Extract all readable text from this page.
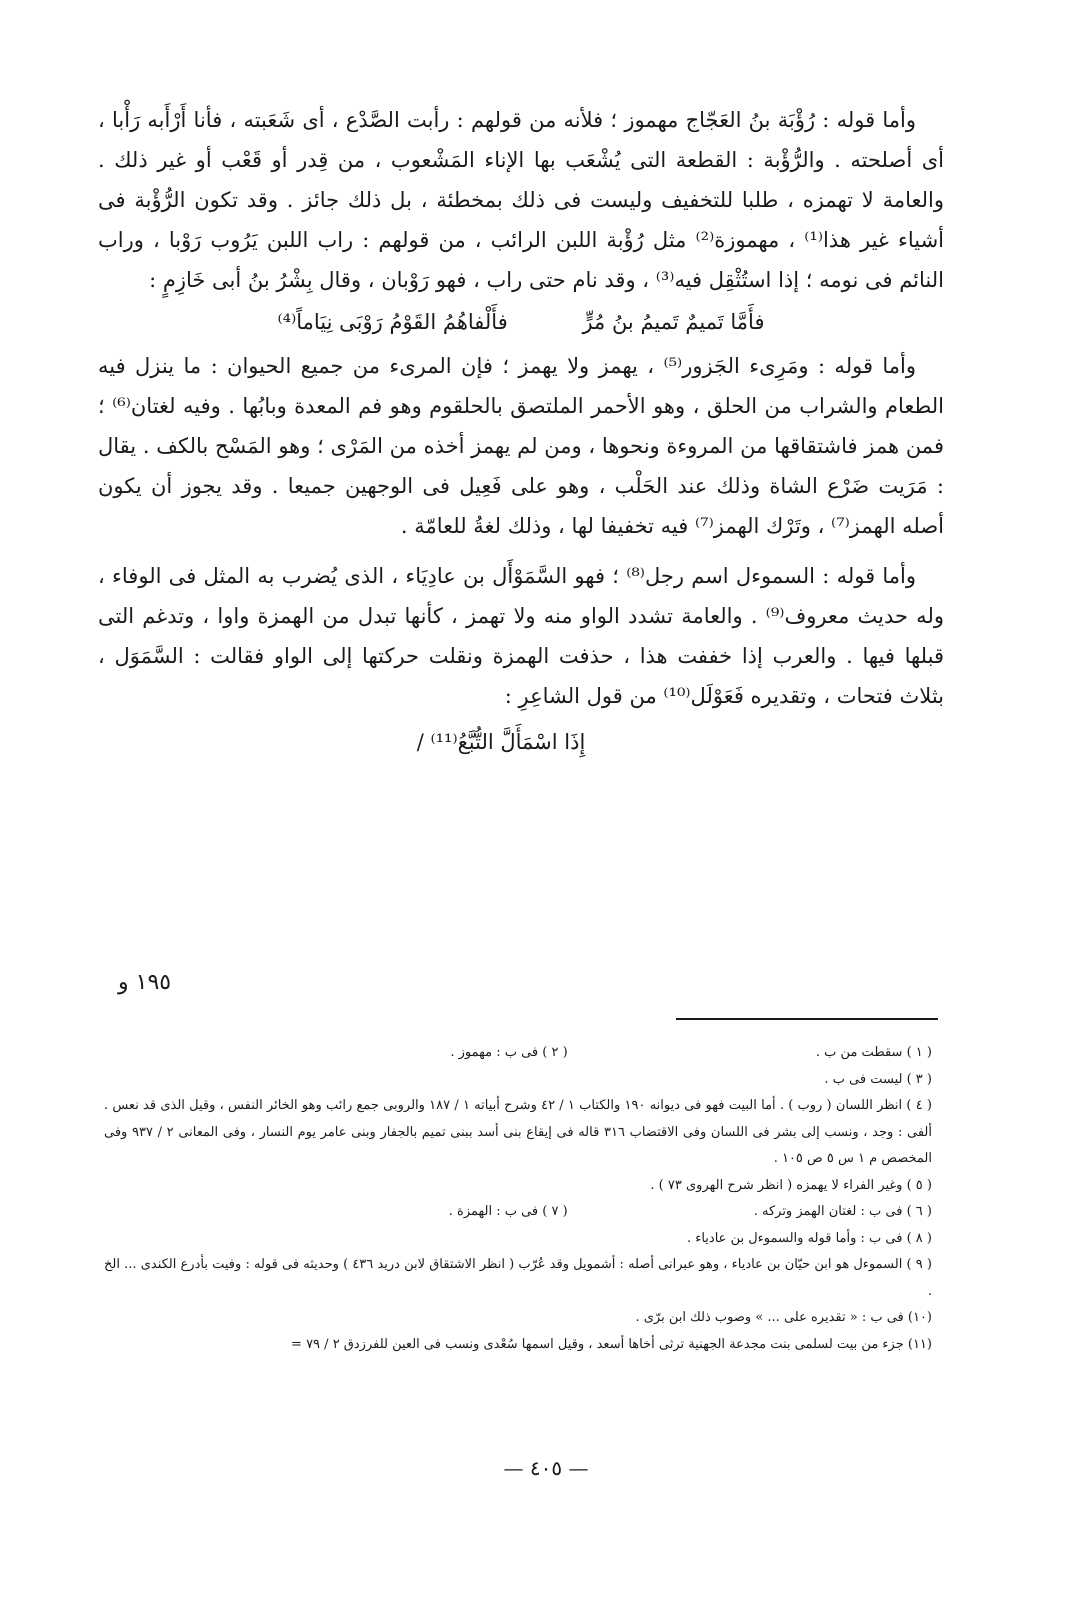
وأما قوله : رُؤْبَة بنُ العَجّاج مهموز ؛ فلأنه من قولهم : رأبت الصَّدْع ، أى شَعَبته ، فأنا أَرْأَبه رَأْبا ، أى أصلحته . والرُّؤْبة : القطعة التى يُشْعَب بها الإناء المَشْعوب ، من قِدر أو قَعْب أو غير ذلك . والعامة لا تهمزه ، طلبا للتخفيف وليست فى ذلك بمخطئة ، بل ذلك جائز . وقد تكون الرُّؤْبة فى أشياء غير هذا⁽¹⁾ ، مهموزة⁽²⁾ مثل رُؤْبة اللبن الرائب ، من قولهم : راب اللبن يَرُوب رَوْبا ، وراب النائم فى نومه ؛ إذا استُثْقِل فيه⁽³⁾ ، وقد نام حتى راب ، فهو رَوْبان ، وقال بِشْرُ بنُ أبى خَازِمٍ :

فأَمَّا تَميمٌ تَميمُ بنُ مُرٍّ فأَلْفاهُمُ القَوْمُ رَوْبَى نِيَاماً⁽⁴⁾

وأما قوله : ومَرِىء الجَزور⁽⁵⁾ ، يهمز ولا يهمز ؛ فإن المرىء من جميع الحيوان : ما ينزل فيه الطعام والشراب من الحلق ، وهو الأحمر الملتصق بالحلقوم وهو فم المعدة وبابُها . وفيه لغتان⁽⁶⁾ ؛ فمن همز فاشتقاقها من المروءة ونحوها ، ومن لم يهمز أخذه من المَرْى ؛ وهو المَسْح بالكف . يقال : مَرَيت ضَرْع الشاة وذلك عند الحَلْب ، وهو على فَعِيل فى الوجهين جميعا . وقد يجوز أن يكون أصله الهمز⁽⁷⁾ ، وتَرْك الهمز⁽⁷⁾ فيه تخفيفا لها ، وذلك لغةُ للعامّة .

وأما قوله : السموءل اسم رجل⁽⁸⁾ ؛ فهو السَّمَوْأَل بن عادِيَاء ، الذى يُضرب به المثل فى الوفاء ، وله حديث معروف⁽⁹⁾ . والعامة تشدد الواو منه ولا تهمز ، كأنها تبدل من الهمزة واوا ، وتدغم التى قبلها فيها . والعرب إذا خففت هذا ، حذفت الهمزة ونقلت حركتها إلى الواو فقالت : السَّمَوَل ، بثلاث فتحات ، وتقديره فَعَوْلَل⁽¹⁰⁾ من قول الشاعِرِ :

إِذَا اسْمَأَلَّ التُّبَّعُ⁽¹¹⁾ /
١٩٥ و
( ١ ) سقطت من ب .
( ٢ ) فى ب : مهموز .
( ٣ ) ليست فى ب .
( ٤ ) انظر اللسان ( روب ) . أما البيت فهو فى ديوانه ١٩٠ والكتاب ١ / ٤٢ وشرح أبياته ١ / ١٨٧ والروبى جمع رائب وهو الخائر النفس ، وقيل الذى قد نعس . ألفى : وجد ، ونسب إلى بشر فى اللسان وفى الاقتضاب ٣١٦ قاله فى إيقاع بنى أسد ببنى تميم بالجفار وبنى عامر يوم النسار ، وفى المعانى ٢ / ٩٣٧ وفى المخصص م ١ س ٥ ص ١٠٥ .
( ٥ ) وغير الفراء لا يهمزه ( انظر شرح الهروى ٧٣ ) .
( ٦ ) فى ب : لغتان الهمز وتركه .
( ٧ ) فى ب : الهمزة .
( ٨ ) فى ب : وأما قوله والسموءل بن عادياء .
( ٩ ) السموءل هو ابن حيّان بن عادياء ، وهو عبرانى أصله : أشمويل وقد عُرّب ( انظر الاشتقاق لابن دريد ٤٣٦ ) وحديثه فى قوله : وفيت بأدرع الكندى ... الخ .
(١٠) فى ب : « تقديره على ... » وصوب ذلك ابن برّى .
(١١) جزء من بيت لسلمى بنت مجدعة الجهنية ترثى أخاها أسعد ، وقيل اسمها سُعْدى ونسب فى العين للفرزدق ٢ / ٧٩ =
— ٤٠٥ —
